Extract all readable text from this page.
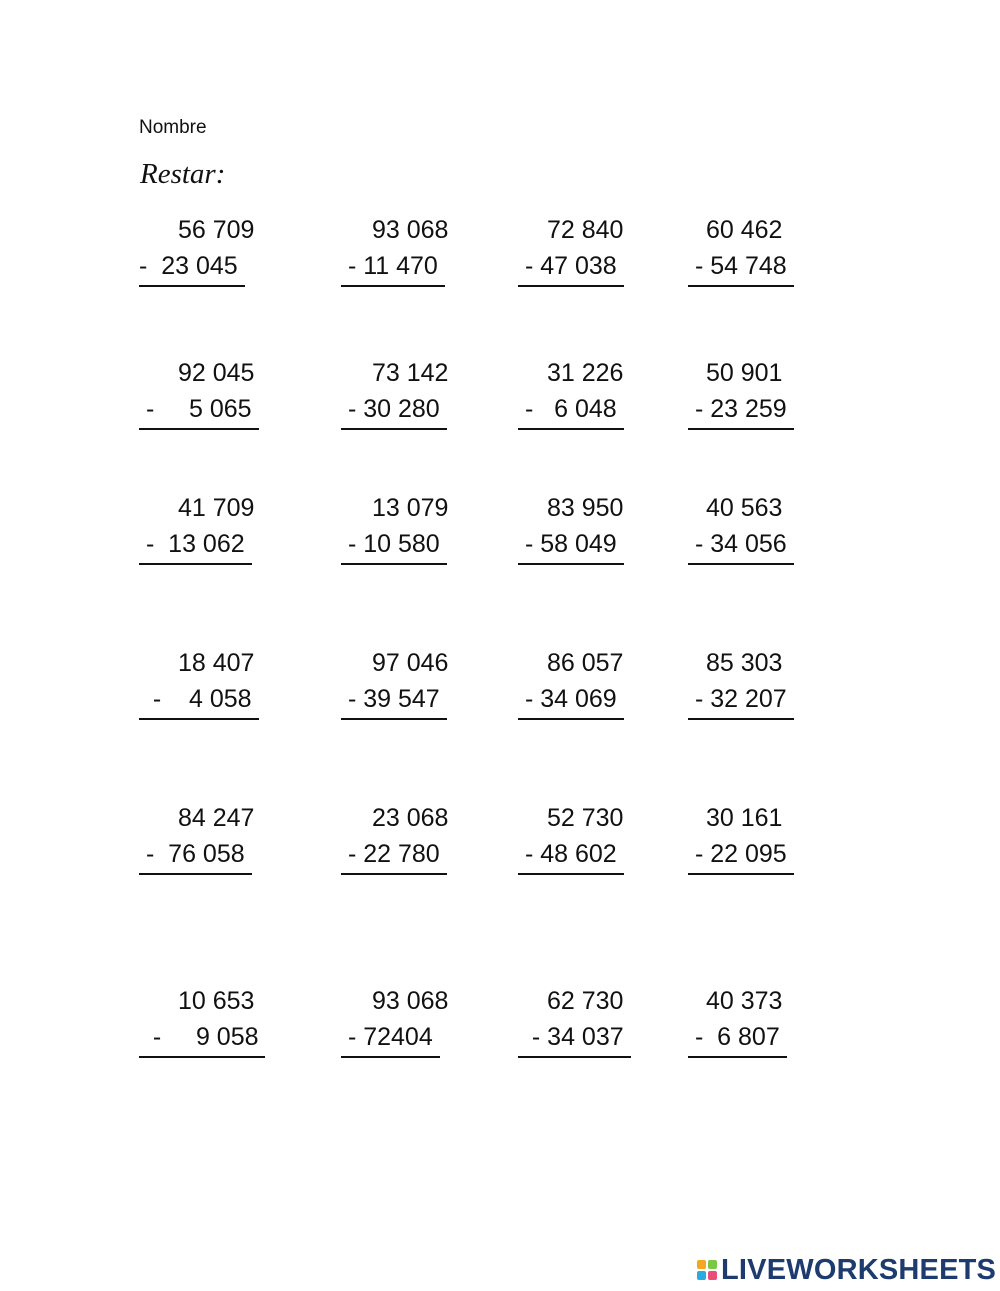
Nombre
Restar:
56 709
-  23 045
93 068
- 11 470
72 840
- 47 038
60 462
- 54 748
92 045
-     5 065
73 142
- 30 280
31 226
-   6 048
50 901
- 23 259
41 709
-  13 062
13 079
- 10 580
83 950
- 58 049
40 563
- 34 056
18 407
-    4 058
97 046
- 39 547
86 057
- 34 069
85 303
- 32 207
84 247
-  76 058
23 068
- 22 780
52 730
- 48 602
30 161
- 22 095
10 653
-     9 058
93 068
- 72404
62 730
- 34 037
40 373
-  6 807
LIVEWORKSHEETS
